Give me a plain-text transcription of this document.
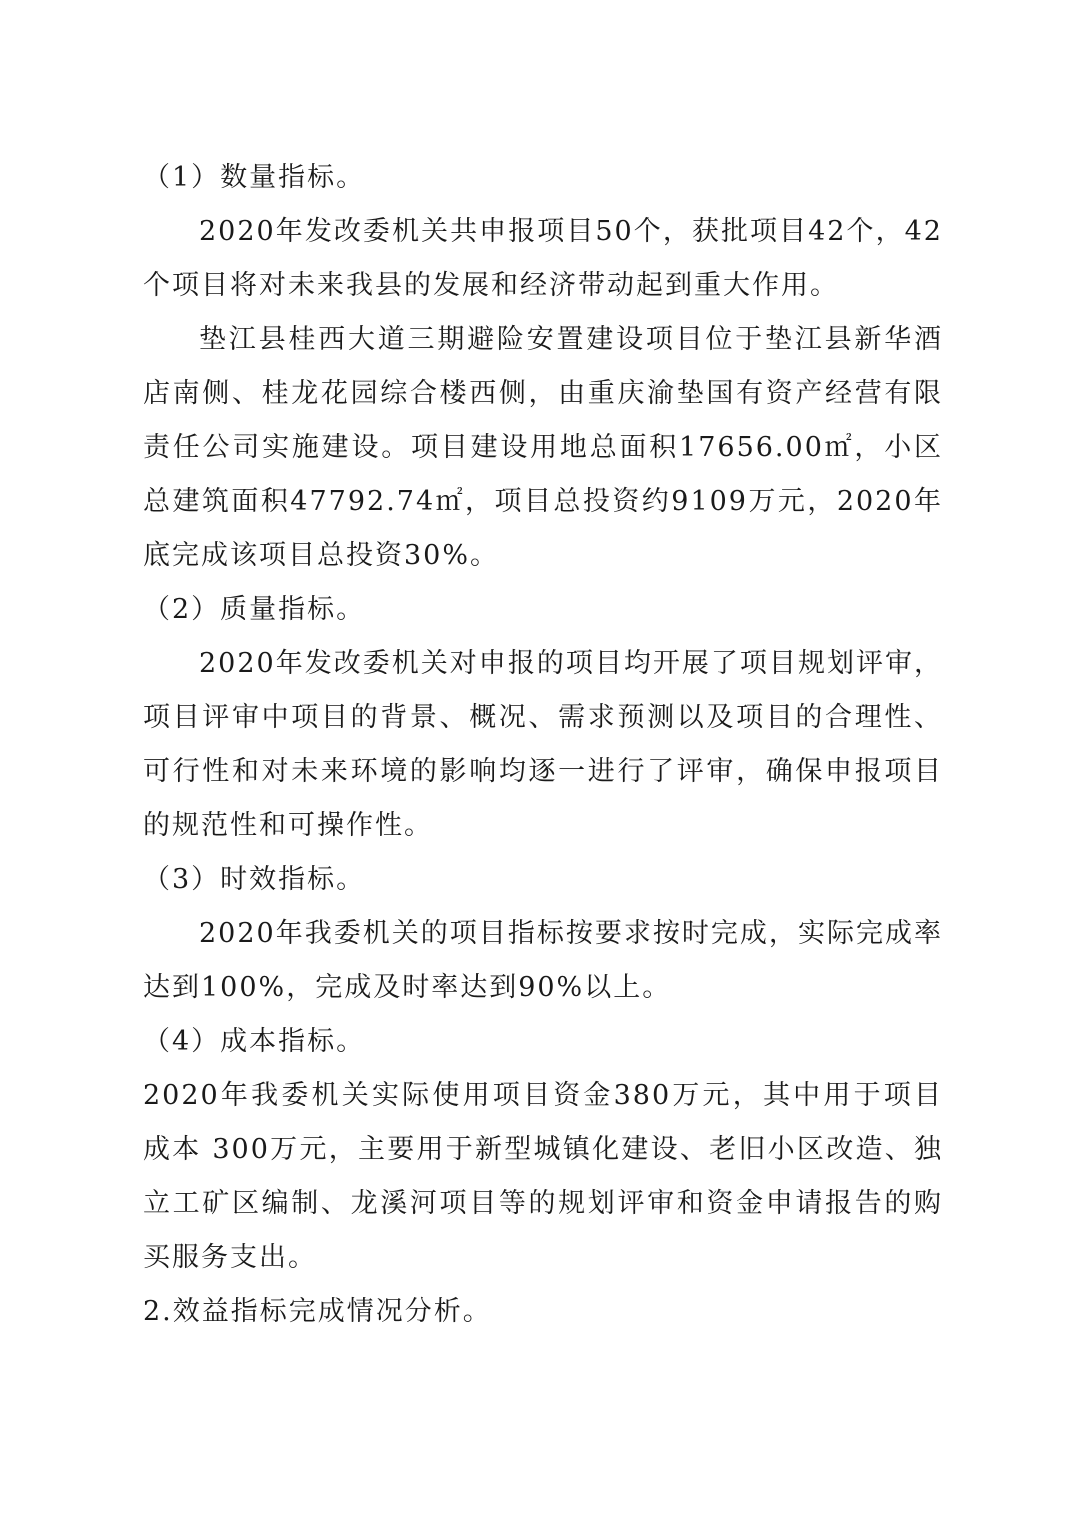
（1）数量指标。

2020年发改委机关共申报项目50个，获批项目42个，42个项目将对未来我县的发展和经济带动起到重大作用。

垫江县桂西大道三期避险安置建设项目位于垫江县新华酒店南侧、桂龙花园综合楼西侧，由重庆渝垫国有资产经营有限责任公司实施建设。项目建设用地总面积17656.00㎡，小区总建筑面积47792.74㎡，项目总投资约9109万元，2020年底完成该项目总投资30%。

（2）质量指标。

2020年发改委机关对申报的项目均开展了项目规划评审，项目评审中项目的背景、概况、需求预测以及项目的合理性、可行性和对未来环境的影响均逐一进行了评审，确保申报项目的规范性和可操作性。

（3）时效指标。

2020年我委机关的项目指标按要求按时完成，实际完成率达到100%，完成及时率达到90%以上。

（4）成本指标。

2020年我委机关实际使用项目资金380万元，其中用于项目成本 300万元，主要用于新型城镇化建设、老旧小区改造、独立工矿区编制、龙溪河项目等的规划评审和资金申请报告的购买服务支出。

2.效益指标完成情况分析。
